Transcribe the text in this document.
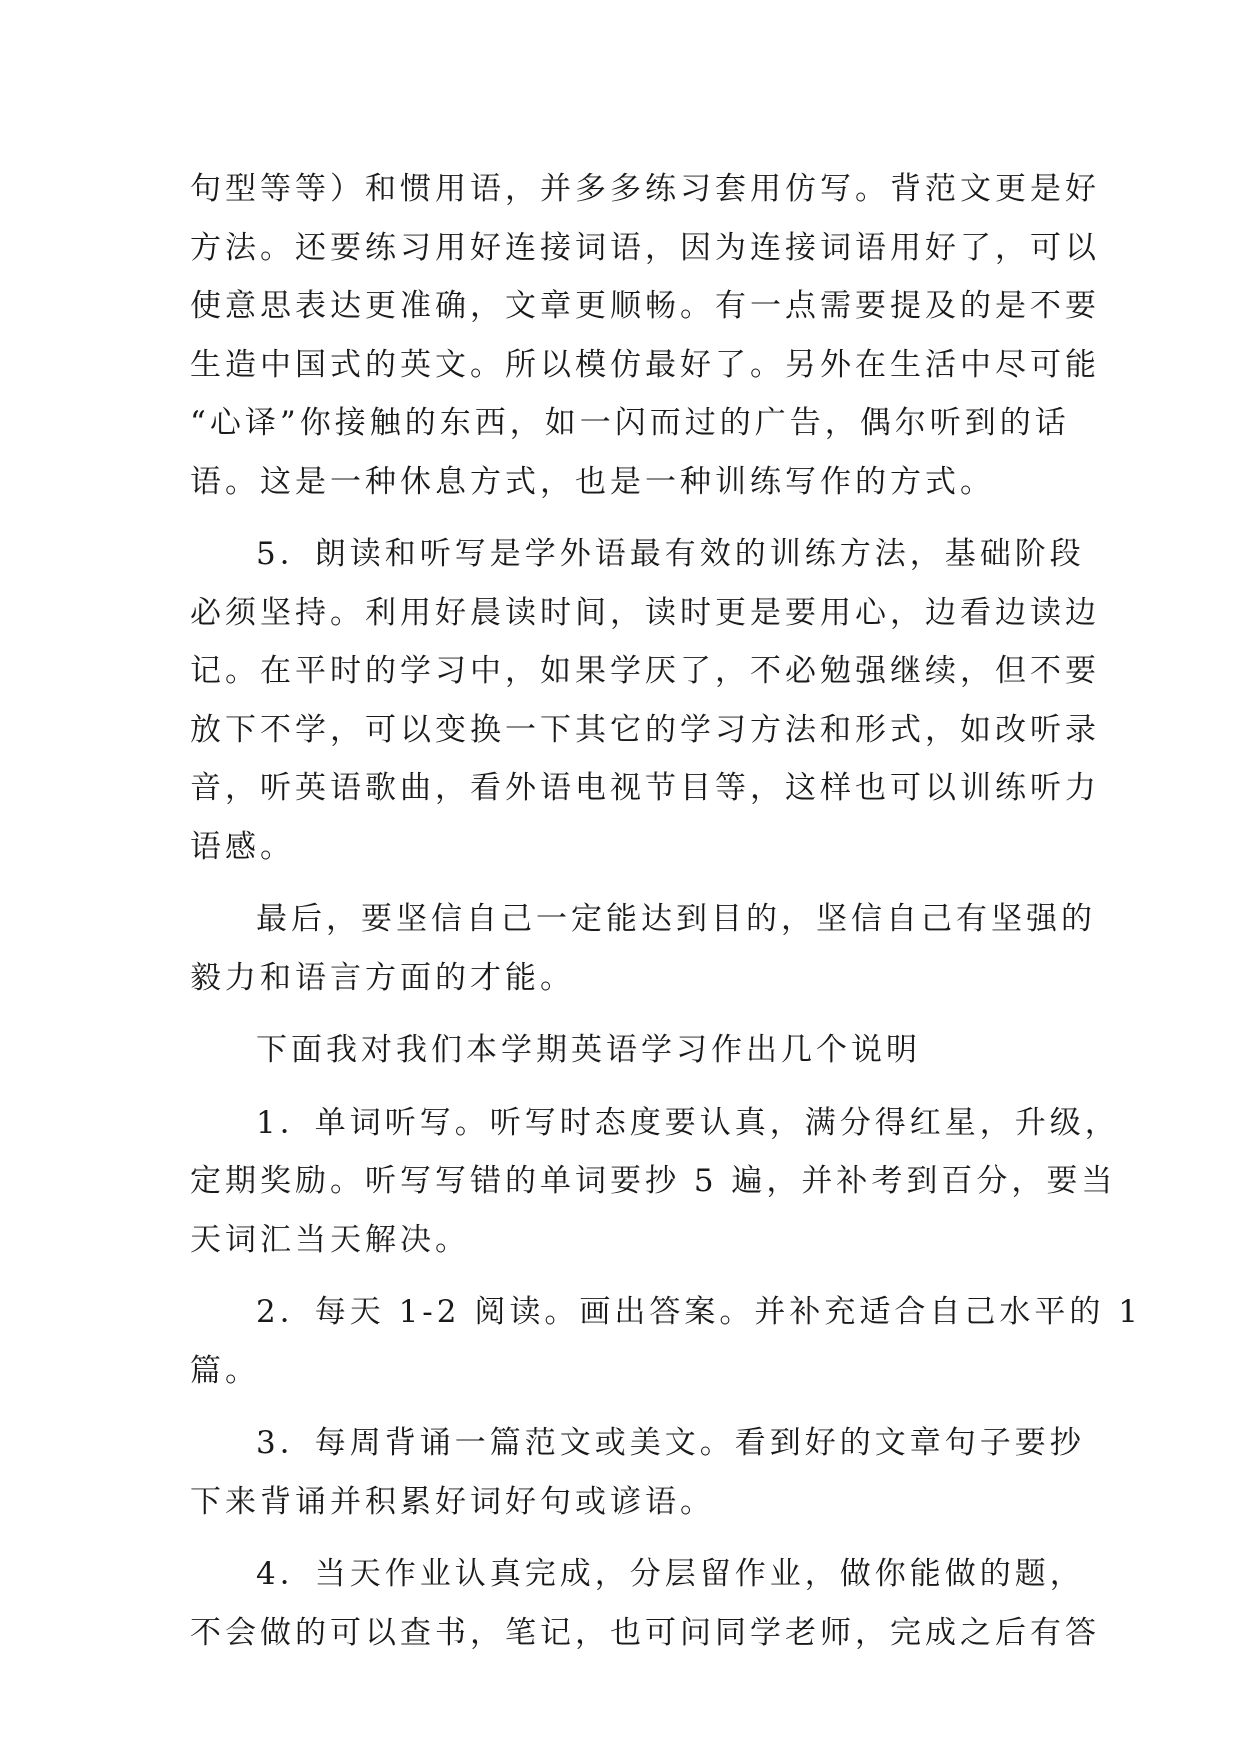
句型等等）和惯用语，并多多练习套用仿写。背范文更是好
方法。还要练习用好连接词语，因为连接词语用好了，可以
使意思表达更准确，文章更顺畅。有一点需要提及的是不要
生造中国式的英文。所以模仿最好了。另外在生活中尽可能
“心译”你接触的东西，如一闪而过的广告，偶尔听到的话
语。这是一种休息方式，也是一种训练写作的方式。
5．朗读和听写是学外语最有效的训练方法，基础阶段
必须坚持。利用好晨读时间，读时更是要用心，边看边读边
记。在平时的学习中，如果学厌了，不必勉强继续，但不要
放下不学，可以变换一下其它的学习方法和形式，如改听录
音，听英语歌曲，看外语电视节目等，这样也可以训练听力
语感。
最后，要坚信自己一定能达到目的，坚信自己有坚强的
毅力和语言方面的才能。
下面我对我们本学期英语学习作出几个说明
1．单词听写。听写时态度要认真，满分得红星，升级，
定期奖励。听写写错的单词要抄 5 遍，并补考到百分，要当
天词汇当天解决。
2．每天 1-2 阅读。画出答案。并补充适合自己水平的 1
篇。
3．每周背诵一篇范文或美文。看到好的文章句子要抄
下来背诵并积累好词好句或谚语。
4．当天作业认真完成，分层留作业，做你能做的题，
不会做的可以查书，笔记，也可问同学老师，完成之后有答
